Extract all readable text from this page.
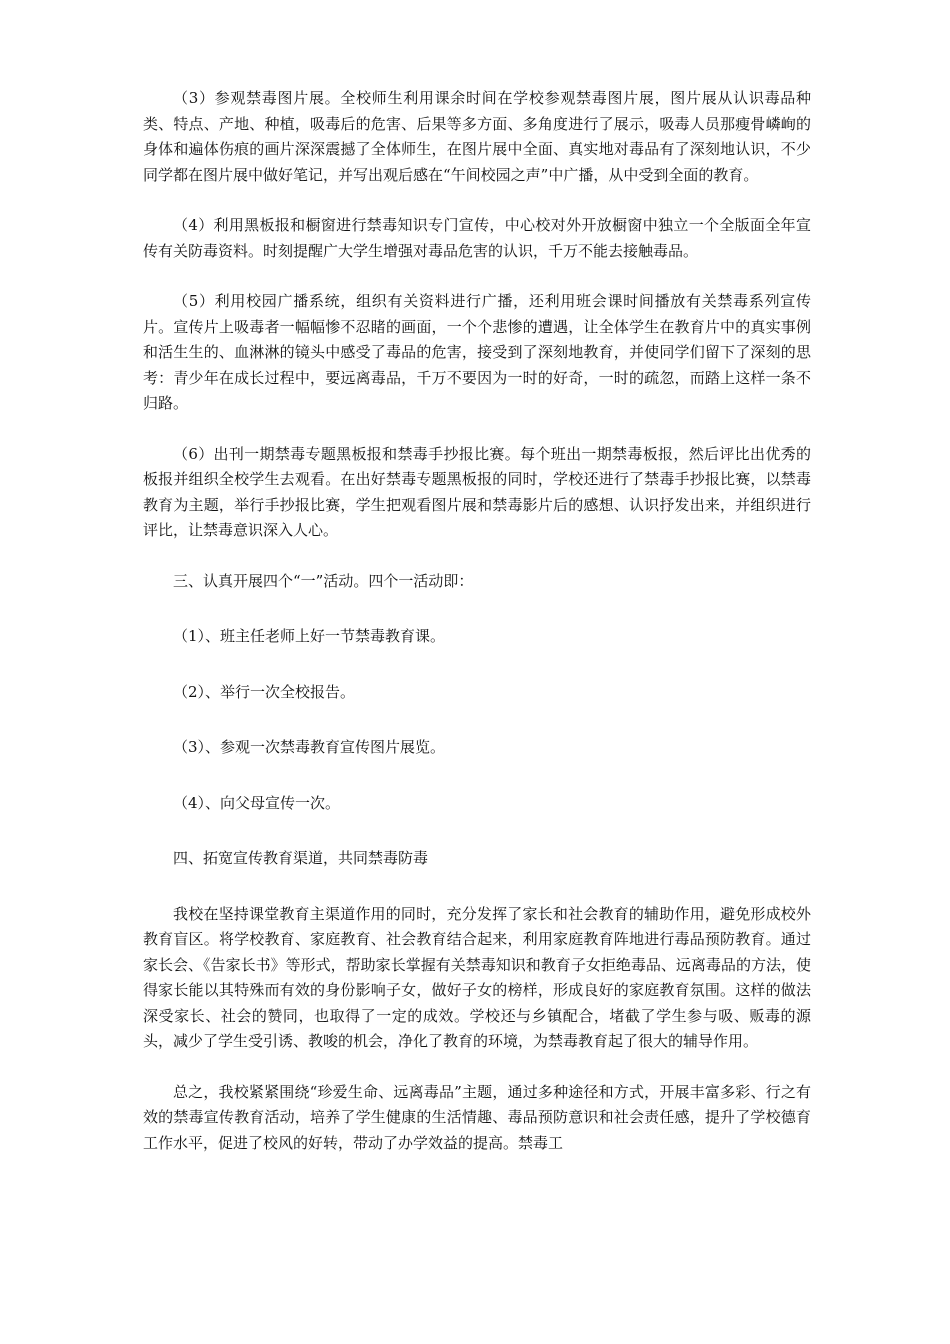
（3）参观禁毒图片展。全校师生利用课余时间在学校参观禁毒图片展，图片展从认识毒品种类、特点、产地、种植，吸毒后的危害、后果等多方面、多角度进行了展示，吸毒人员那瘦骨嶙峋的身体和遍体伤痕的画片深深震撼了全体师生，在图片展中全面、真实地对毒品有了深刻地认识，不少同学都在图片展中做好笔记，并写出观后感在“午间校园之声”中广播，从中受到全面的教育。

（4）利用黑板报和橱窗进行禁毒知识专门宣传，中心校对外开放橱窗中独立一个全版面全年宣传有关防毒资料。时刻提醒广大学生增强对毒品危害的认识，千万不能去接触毒品。

（5）利用校园广播系统，组织有关资料进行广播，还利用班会课时间播放有关禁毒系列宣传片。宣传片上吸毒者一幅幅惨不忍睹的画面，一个个悲惨的遭遇，让全体学生在教育片中的真实事例和活生生的、血淋淋的镜头中感受了毒品的危害，接受到了深刻地教育，并使同学们留下了深刻的思考：青少年在成长过程中，要远离毒品，千万不要因为一时的好奇，一时的疏忽，而踏上这样一条不归路。

（6）出刊一期禁毒专题黑板报和禁毒手抄报比赛。每个班出一期禁毒板报，然后评比出优秀的板报并组织全校学生去观看。在出好禁毒专题黑板报的同时，学校还进行了禁毒手抄报比赛，以禁毒教育为主题，举行手抄报比赛，学生把观看图片展和禁毒影片后的感想、认识抒发出来，并组织进行评比，让禁毒意识深入人心。

三、认真开展四个“一”活动。四个一活动即：

（1）、班主任老师上好一节禁毒教育课。

（2）、举行一次全校报告。

（3）、参观一次禁毒教育宣传图片展览。

（4）、向父母宣传一次。

四、拓宽宣传教育渠道，共同禁毒防毒

我校在坚持课堂教育主渠道作用的同时，充分发挥了家长和社会教育的辅助作用，避免形成校外教育盲区。将学校教育、家庭教育、社会教育结合起来，利用家庭教育阵地进行毒品预防教育。通过家长会、《告家长书》等形式，帮助家长掌握有关禁毒知识和教育子女拒绝毒品、远离毒品的方法，使得家长能以其特殊而有效的身份影响子女，做好子女的榜样，形成良好的家庭教育氛围。这样的做法深受家长、社会的赞同，也取得了一定的成效。学校还与乡镇配合，堵截了学生参与吸、贩毒的源头，减少了学生受引诱、教唆的机会，净化了教育的环境，为禁毒教育起了很大的辅导作用。

总之，我校紧紧围绕“珍爱生命、远离毒品”主题，通过多种途径和方式，开展丰富多彩、行之有效的禁毒宣传教育活动，培养了学生健康的生活情趣、毒品预防意识和社会责任感，提升了学校德育工作水平，促进了校风的好转，带动了办学效益的提高。禁毒工
